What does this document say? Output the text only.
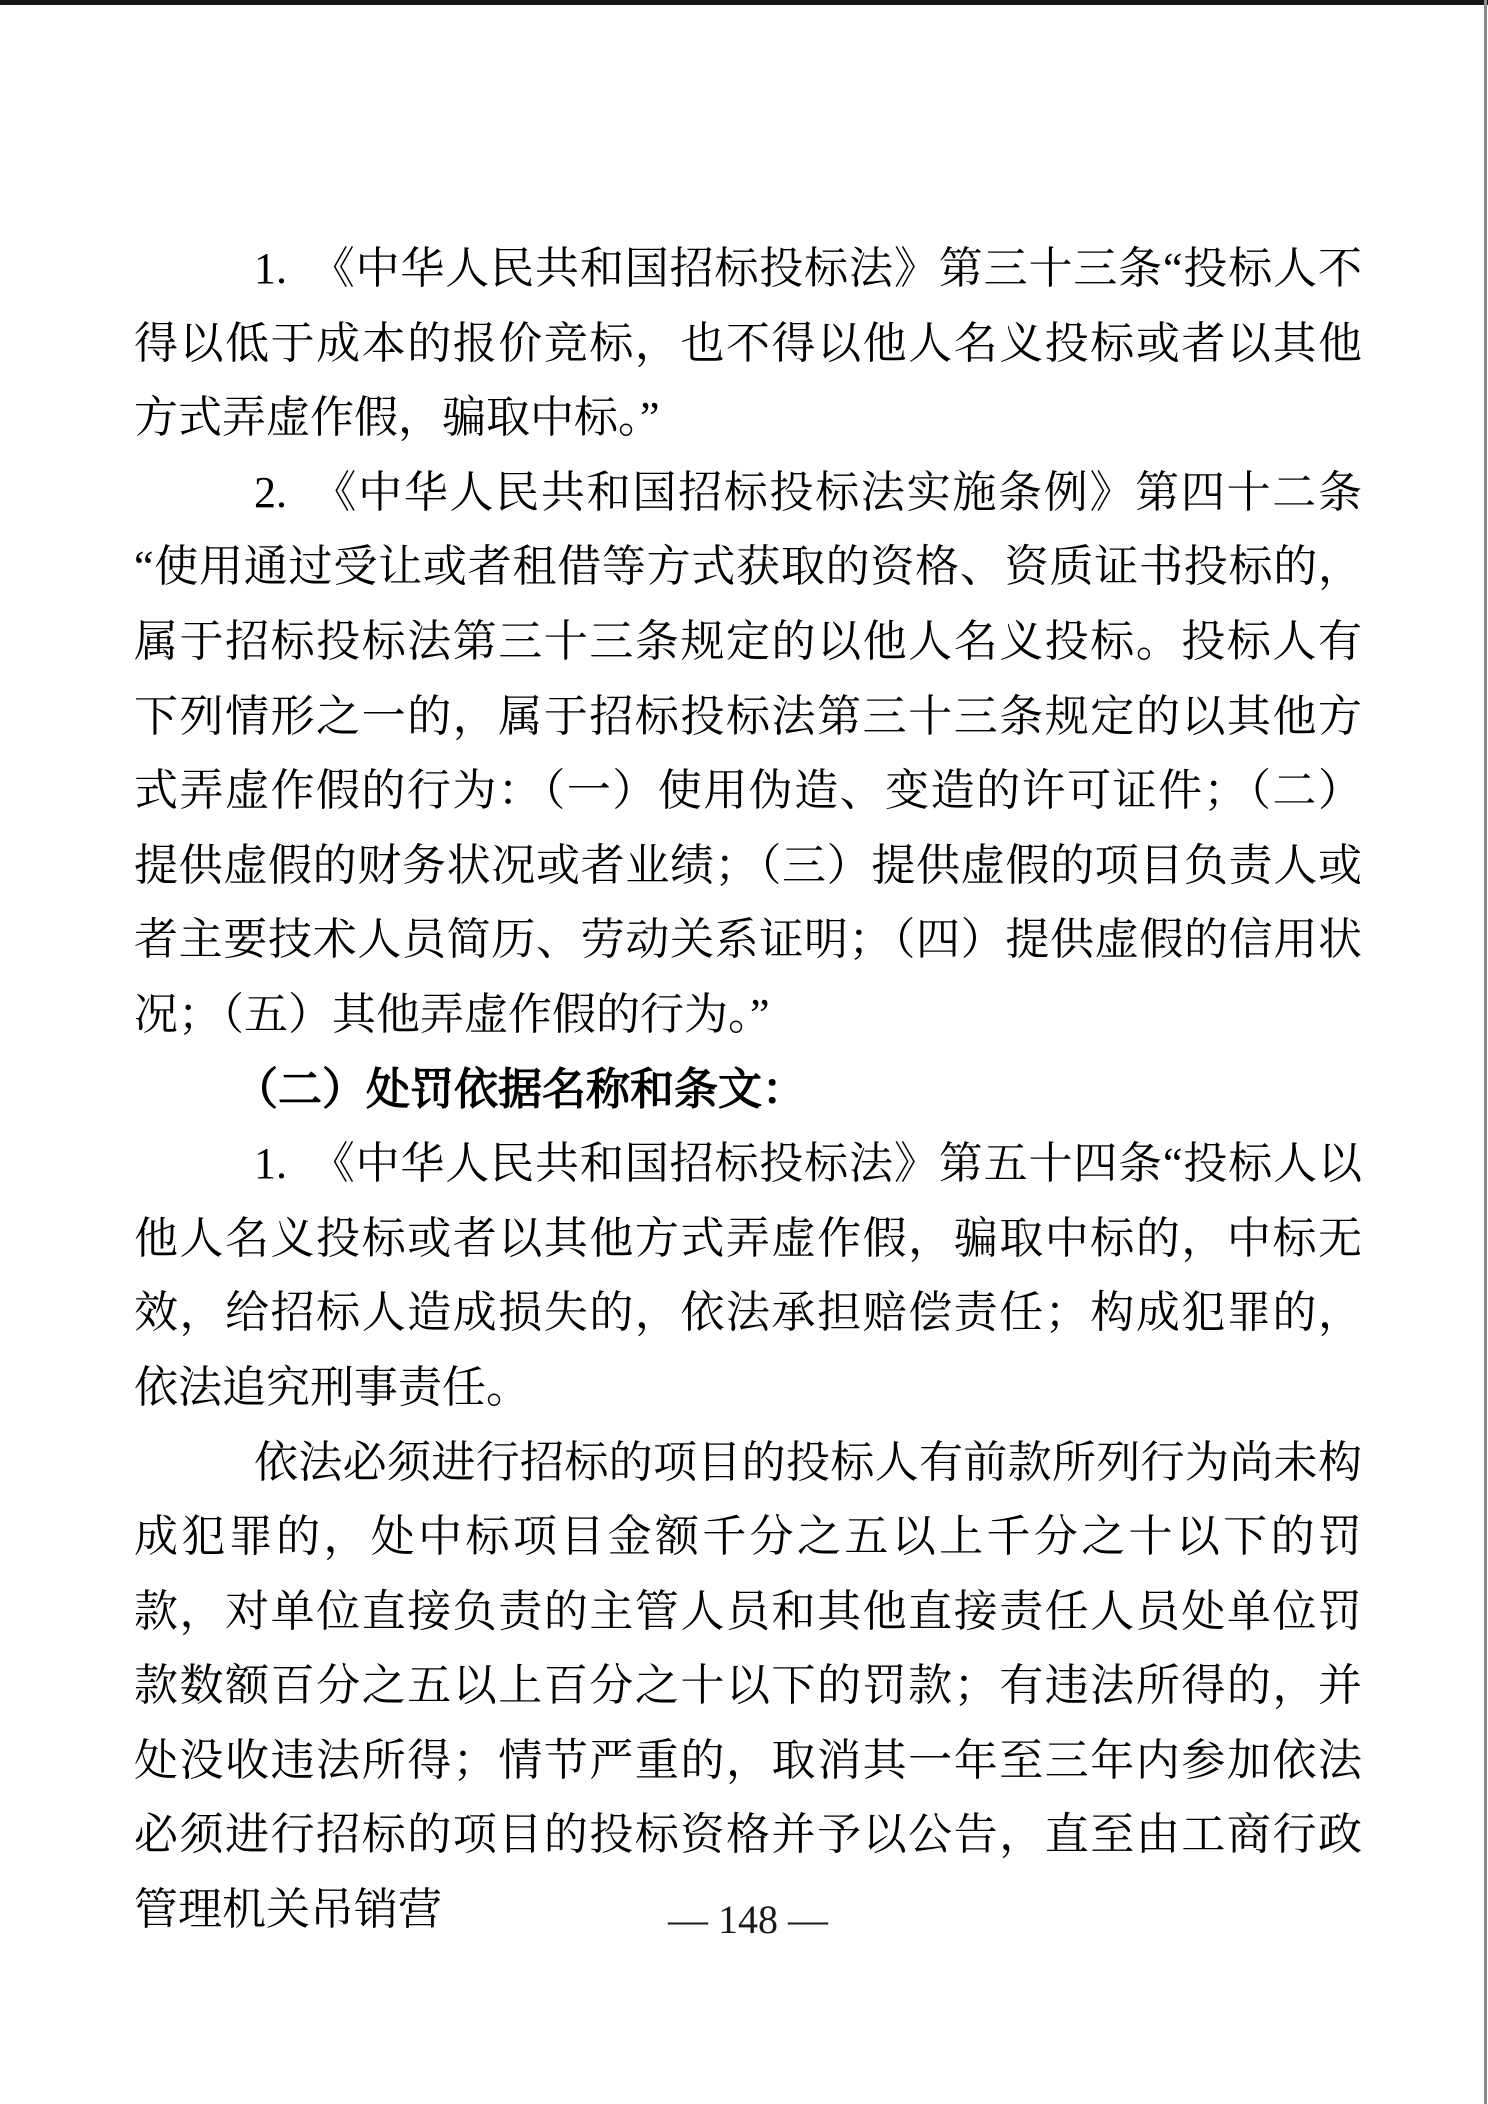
1.　《中华人民共和国招标投标法》第三十三条“投标人不得以低于成本的报价竞标，也不得以他人名义投标或者以其他方式弄虚作假，骗取中标。”

2.　《中华人民共和国招标投标法实施条例》第四十二条“使用通过受让或者租借等方式获取的资格、资质证书投标的，属于招标投标法第三十三条规定的以他人名义投标。投标人有下列情形之一的，属于招标投标法第三十三条规定的以其他方式弄虚作假的行为：（一）使用伪造、变造的许可证件；（二）提供虚假的财务状况或者业绩；（三）提供虚假的项目负责人或者主要技术人员简历、劳动关系证明；（四）提供虚假的信用状况；（五）其他弄虚作假的行为。”

（二）处罚依据名称和条文：

1.　《中华人民共和国招标投标法》第五十四条“投标人以他人名义投标或者以其他方式弄虚作假，骗取中标的，中标无效，给招标人造成损失的，依法承担赔偿责任；构成犯罪的，依法追究刑事责任。

依法必须进行招标的项目的投标人有前款所列行为尚未构成犯罪的，处中标项目金额千分之五以上千分之十以下的罚款，对单位直接负责的主管人员和其他直接责任人员处单位罚款数额百分之五以上百分之十以下的罚款；有违法所得的，并处没收违法所得；情节严重的，取消其一年至三年内参加依法必须进行招标的项目的投标资格并予以公告，直至由工商行政管理机关吊销营	— 148 —
